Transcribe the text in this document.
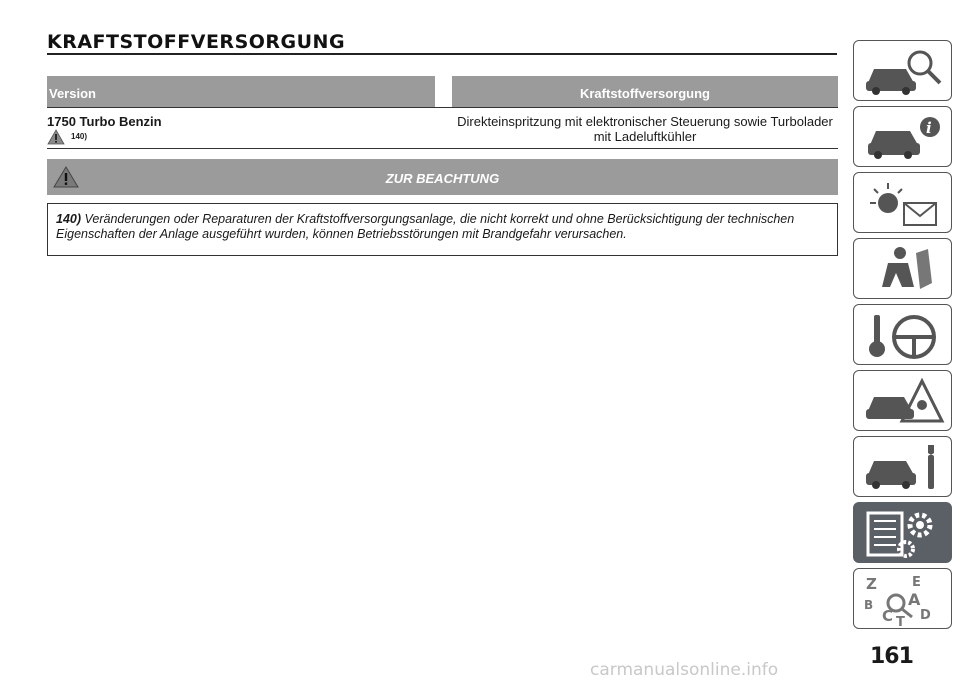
KRAFTSTOFFVERSORGUNG
Version	Kraftstoffversorgung
1750 Turbo Benzin
140)
Direkteinspritzung mit elektronischer Steuerung sowie Turbolader mit Ladeluftkühler
ZUR BEACHTUNG
140) Veränderungen oder Reparaturen der Kraftstoffversorgungsanlage, die nicht korrekt und ohne Berücksichtigung der technischen Eigenschaften der Anlage ausgeführt wurden, können Betriebsstörungen mit Brandgefahr verursachen.
i
Z	E
B A
C D
T
161
carmanualsonline.info
